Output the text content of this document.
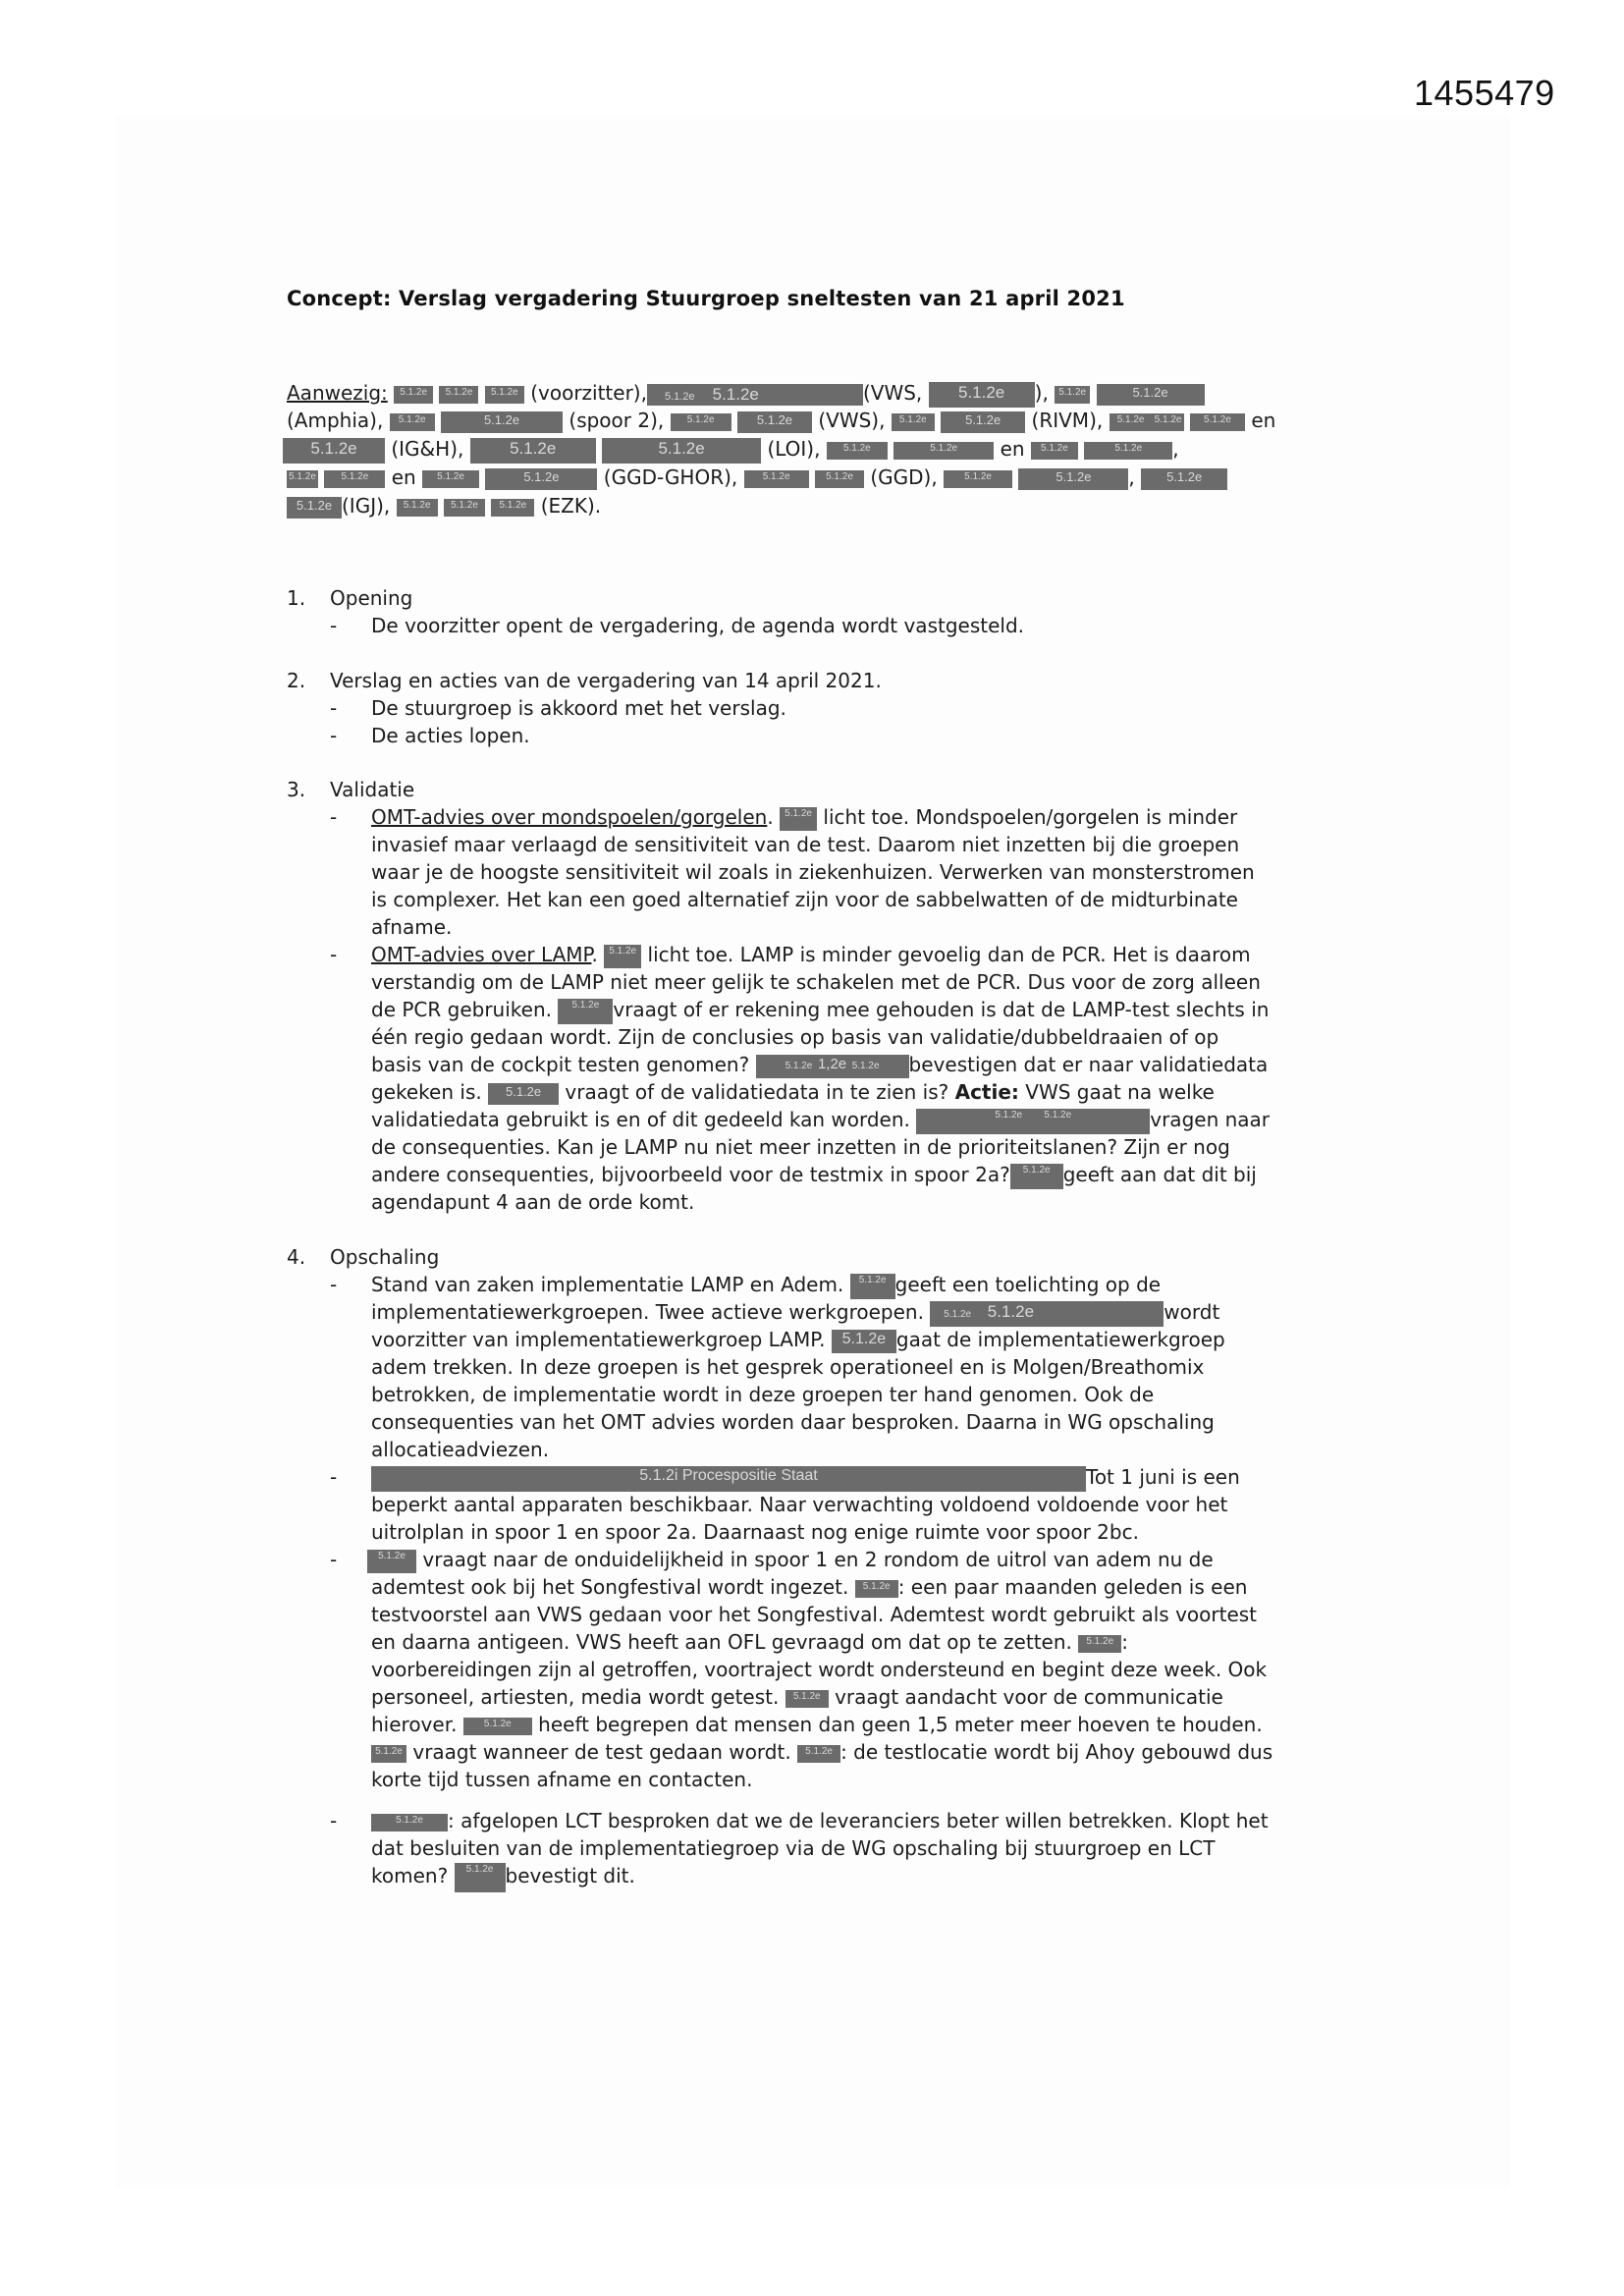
1455479
Concept: Verslag vergadering Stuurgroep sneltesten van 21 april 2021
Aanwezig: 5.1.2e 5.1.2e 5.1.2e (voorzitter), 5.1.2e 5.1.2e	(VWS, 5.1.2e ), 5.1.2e	5.1.2e
(Amphia), 5.1.2e	5.1.2e	(spoor 2), 5.1.2e	5.1.2e (VWS), 5.1.2e	5.1.2e (RIVM), 5.1.2e 5.1.2e 5.1.2e en
5.1.2e (IG&H),	5.1.2e	5.1.2e	(LOI), 5.1.2e	5.1.2e en 5.1.2e	5.1.2e ,
5.1.2e	5.1.2e en 5.1.2e	5.1.2e (GGD-GHOR),	5.1.2e	5.1.2e (GGD),	5.1.2e	5.1.2e , 5.1.2e
5.1.2e (IGJ), 5.1.2e 5.1.2e 5.1.2e (EZK).
1. Opening
- De voorzitter opent de vergadering, de agenda wordt vastgesteld.
2. Verslag en acties van de vergadering van 14 april 2021.
- De stuurgroep is akkoord met het verslag.
- De acties lopen.
3. Validatie
- OMT-advies over mondspoelen/gorgelen. 5.1.2e licht toe. Mondspoelen/gorgelen is minder
invasief maar verlaagd de sensitiviteit van de test. Daarom niet inzetten bij die groepen
waar je de hoogste sensitiviteit wil zoals in ziekenhuizen. Verwerken van monsterstromen
is complexer. Het kan een goed alternatief zijn voor de sabbelwatten of de midturbinate
afname.
- OMT-advies over LAMP. 5.1.2e licht toe. LAMP is minder gevoelig dan de PCR. Het is daarom
verstandig om de LAMP niet meer gelijk te schakelen met de PCR. Dus voor de zorg alleen
de PCR gebruiken. 5.1.2e vraagt of er rekening mee gehouden is dat de LAMP-test slechts in
één regio gedaan wordt. Zijn de conclusies op basis van validatie/dubbeldraaien of op
basis van de cockpit testen genomen?	5.1.2e 1,2e 5.1.2e bevestigen dat er naar validatiedata
gekeken is. 5.1.2e vraagt of de validatiedata in te zien is? Actie: VWS gaat na welke
validatiedata gebruikt is en of dit gedeeld kan worden.	5.1.2e 5.1.2e	vragen naar
de consequenties. Kan je LAMP nu niet meer inzetten in de prioriteitslanen? Zijn er nog
andere consequenties, bijvoorbeeld voor de testmix in spoor 2a? 5.1.2e geeft aan dat dit bij
agendapunt 4 aan de orde komt.
4. Opschaling
- Stand van zaken implementatie LAMP en Adem. 5.1.2e geeft een toelichting op de
implementatiewerkgroepen. Twee actieve werkgroepen. 5.1.2e 5.1.2e	wordt
voorzitter van implementatiewerkgroep LAMP. 5.1.2e gaat de implementatiewerkgroep
adem trekken. In deze groepen is het gesprek operationeel en is Molgen/Breathomix
betrokken, de implementatie wordt in deze groepen ter hand genomen. Ook de
consequenties van het OMT advies worden daar besproken. Daarna in WG opschaling
allocatieadviezen.
-	5.1.2i Procespositie Staat	Tot 1 juni is een
beperkt aantal apparaten beschikbaar. Naar verwachting voldoend voldoende voor het
uitrolplan in spoor 1 en spoor 2a. Daarnaast nog enige ruimte voor spoor 2bc.
-	5.1.2e vraagt naar de onduidelijkheid in spoor 1 en 2 rondom de uitrol van adem nu de
ademtest ook bij het Songfestival wordt ingezet. 5.1.2e : een paar maanden geleden is een
testvoorstel aan VWS gedaan voor het Songfestival. Ademtest wordt gebruikt als voortest
en daarna antigeen. VWS heeft aan OFL gevraagd om dat op te zetten. 5.1.2e :
voorbereidingen zijn al getroffen, voortraject wordt ondersteund en begint deze week. Ook
personeel, artiesten, media wordt getest. 5.1.2e vraagt aandacht voor de communicatie
hierover. 5.1.2e heeft begrepen dat mensen dan geen 1,5 meter meer hoeven te houden.
5.1.2e vraagt wanneer de test gedaan wordt. 5.1.2e : de testlocatie wordt bij Ahoy gebouwd dus
korte tijd tussen afname en contacten.
-	5.1.2e : afgelopen LCT besproken dat we de leveranciers beter willen betrekken. Klopt het
dat besluiten van de implementatiegroep via de WG opschaling bij stuurgroep en LCT
komen? 5.1.2e bevestigt dit.
